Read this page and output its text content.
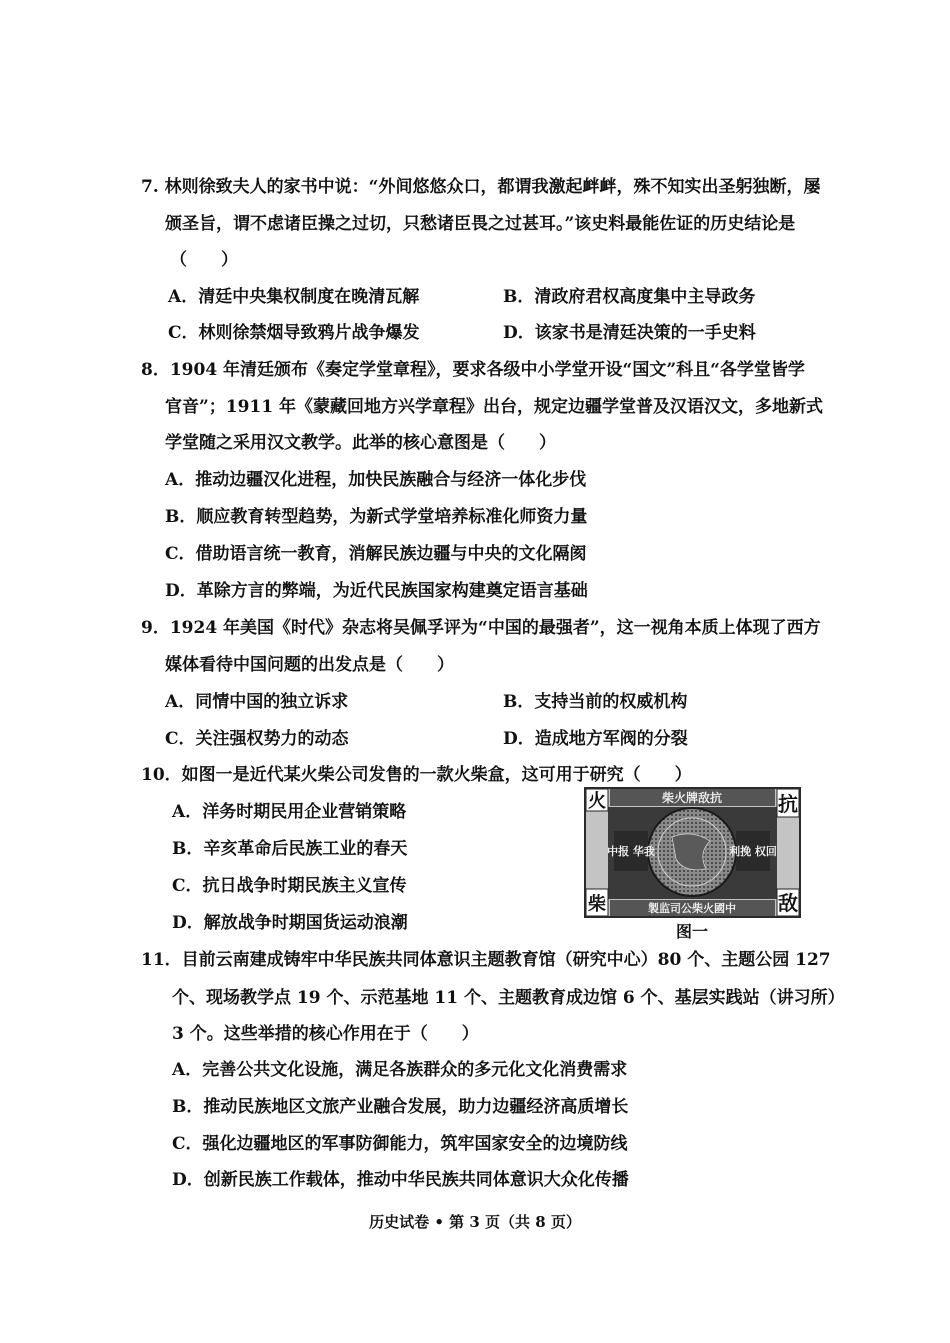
7. 林则徐致夫人的家书中说：“外间悠悠众口，都谓我激起衅衅，殊不知实出圣躬独断，屡
颁圣旨，谓不虑诸臣操之过切，只愁诸臣畏之过甚耳。”该史料最能佐证的历史结论是
（　　）
A．清廷中央集权制度在晚清瓦解	B．清政府君权高度集中主导政务
C．林则徐禁烟导致鸦片战争爆发	D．该家书是清廷决策的一手史料
8．1904 年清廷颁布《奏定学堂章程》，要求各级中小学堂开设“国文”科且“各学堂皆学
官音”；1911 年《蒙藏回地方兴学章程》出台，规定边疆学堂普及汉语汉文，多地新式
学堂随之采用汉文教学。此举的核心意图是（　　）
A．推动边疆汉化进程，加快民族融合与经济一体化步伐
B．顺应教育转型趋势，为新式学堂培养标准化师资力量
C．借助语言统一教育，消解民族边疆与中央的文化隔阂
D．革除方言的弊端，为近代民族国家构建奠定语言基础
9．1924 年美国《时代》杂志将吴佩孚评为“中国的最强者”，这一视角本质上体现了西方
媒体看待中国问题的出发点是（　　）
A．同情中国的独立诉求	B．支持当前的权威机构
C．关注强权势力的动态	D．造成地方军阀的分裂
10．如图一是近代某火柴公司发售的一款火柴盒，这可用于研究（　　）
A．洋务时期民用企业营销策略
B．辛亥革命后民族工业的春天
C．抗日战争时期民族主义宣传
D．解放战争时期国货运动浪潮
火	抗
柴	敌
柴火牌敌抗
製监司公柴火國中
中报 华我	利挽 权回
图一
11．目前云南建成铸牢中华民族共同体意识主题教育馆（研究中心）80 个、主题公园 127
个、现场教学点 19 个、示范基地 11 个、主题教育成边馆 6 个、基层实践站（讲习所）
3 个。这些举措的核心作用在于（　　）
A．完善公共文化设施，满足各族群众的多元化文化消费需求
B．推动民族地区文旅产业融合发展，助力边疆经济高质增长
C．强化边疆地区的军事防御能力，筑牢国家安全的边境防线
D．创新民族工作载体，推动中华民族共同体意识大众化传播
历史试卷 • 第 3 页（共 8 页）
